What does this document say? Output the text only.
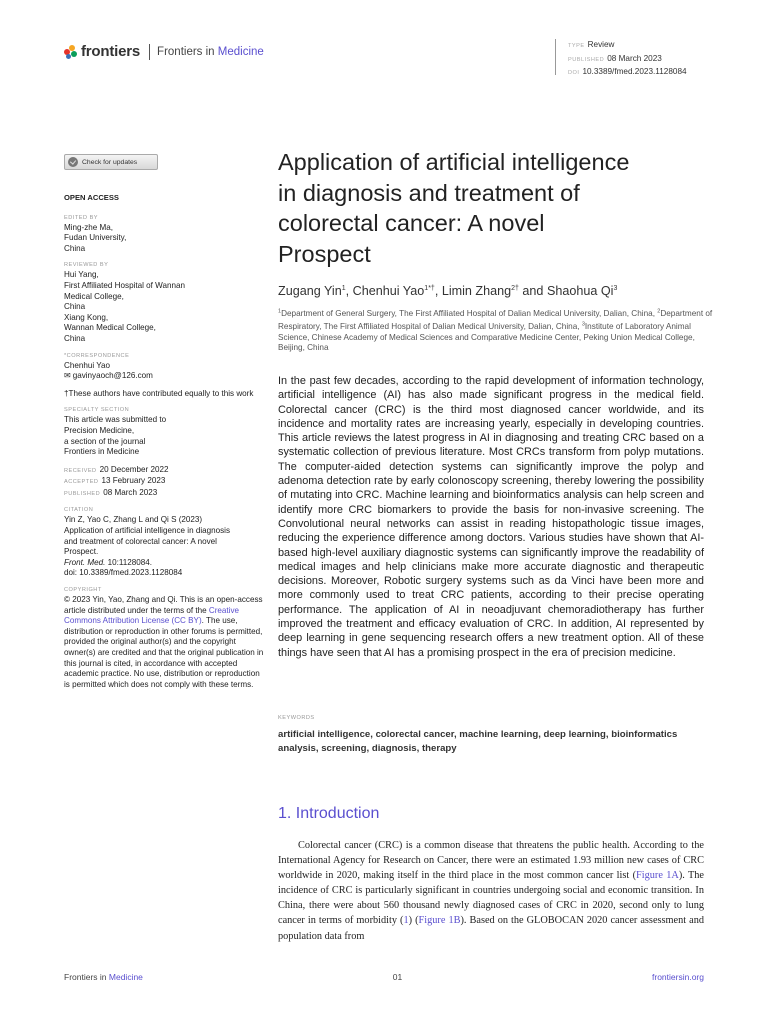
frontiers Frontiers in Medicine	TYPE Review
PUBLISHED 08 March 2023
DOI 10.3389/fmed.2023.1128084
Check for updates
OPEN ACCESS
EDITED BY
Ming-zhe Ma,
Fudan University,
China
REVIEWED BY
Hui Yang,
First Affiliated Hospital of Wannan
Medical College,
China
Xiang Kong,
Wannan Medical College,
China
*CORRESPONDENCE
Chenhui Yao
✉ gavinyaoch@126.com
†These authors have contributed equally to this work
SPECIALTY SECTION
This article was submitted to
Precision Medicine,
a section of the journal
Frontiers in Medicine
RECEIVED 20 December 2022
ACCEPTED 13 February 2023
PUBLISHED 08 March 2023
CITATION
Yin Z, Yao C, Zhang L and Qi S (2023)
Application of artificial intelligence in diagnosis
and treatment of colorectal cancer: A novel
Prospect.
Front. Med. 10:1128084.
doi: 10.3389/fmed.2023.1128084
COPYRIGHT
© 2023 Yin, Yao, Zhang and Qi. This is an open-access article distributed under the terms of the Creative Commons Attribution License (CC BY). The use, distribution or reproduction in other forums is permitted, provided the original author(s) and the copyright owner(s) are credited and that the original publication in this journal is cited, in accordance with accepted academic practice. No use, distribution or reproduction is permitted which does not comply with these terms.
Application of artificial intelligence
in diagnosis and treatment of
colorectal cancer: A novel
Prospect
Zugang Yin$^1$, Chenhui Yao$^{1*\dagger}$, Limin Zhang$^{2\dagger}$ and Shaohua Qi$^3$
$^1$Department of General Surgery, The First Affiliated Hospital of Dalian Medical University, Dalian, China, $^2$Department of Respiratory, The First Affiliated Hospital of Dalian Medical University, Dalian, China, $^3$Institute of Laboratory Animal Science, Chinese Academy of Medical Sciences and Comparative Medicine Center, Peking Union Medical College, Beijing, China
In the past few decades, according to the rapid development of information technology, artificial intelligence (AI) has also made significant progress in the medical field. Colorectal cancer (CRC) is the third most diagnosed cancer worldwide, and its incidence and mortality rates are increasing yearly, especially in developing countries. This article reviews the latest progress in AI in diagnosing and treating CRC based on a systematic collection of previous literature. Most CRCs transform from polyp mutations. The computer-aided detection systems can significantly improve the polyp and adenoma detection rate by early colonoscopy screening, thereby lowering the possibility of mutating into CRC. Machine learning and bioinformatics analysis can help screen and identify more CRC biomarkers to provide the basis for non-invasive screening. The Convolutional neural networks can assist in reading histopathologic tissue images, reducing the experience difference among doctors. Various studies have shown that AI-based high-level auxiliary diagnostic systems can significantly improve the readability of medical images and help clinicians make more accurate diagnostic and therapeutic decisions. Moreover, Robotic surgery systems such as da Vinci have been more and more commonly used to treat CRC patients, according to their precise operating performance. The application of AI in neoadjuvant chemoradiotherapy has further improved the treatment and efficacy evaluation of CRC. In addition, AI represented by deep learning in gene sequencing research offers a new treatment option. All of these things have seen that AI has a promising prospect in the era of precision medicine.
KEYWORDS
artificial intelligence, colorectal cancer, machine learning, deep learning, bioinformatics analysis, screening, diagnosis, therapy
1. Introduction
Colorectal cancer (CRC) is a common disease that threatens the public health. According to the International Agency for Research on Cancer, there were an estimated 1.93 million new cases of CRC worldwide in 2020, making itself in the third place in the most common cancer list (Figure 1A). The incidence of CRC is particularly significant in countries undergoing social and economic transition. In China, there were about 560 thousand newly diagnosed cases of CRC in 2020, second only to lung cancer in terms of morbidity (1) (Figure 1B). Based on the GLOBOCAN 2020 cancer assessment and population data from
Frontiers in Medicine	01	frontiersin.org
